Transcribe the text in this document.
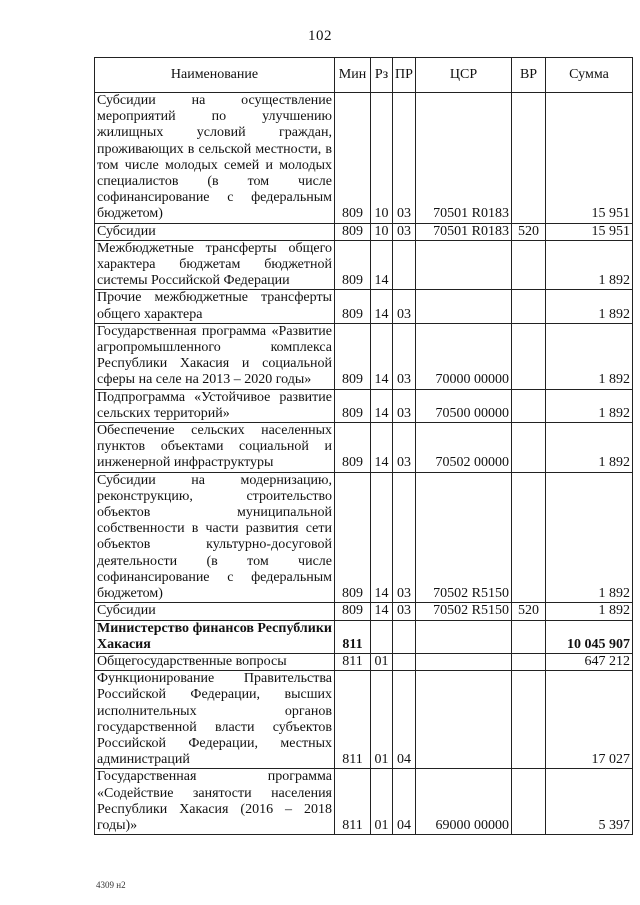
102
Наименование	Мин	Рз	ПР	ЦСР	ВР	Сумма
Субсидии на осуществление мероприятий по улучшению жилищных условий граждан, проживающих в сельской местности, в том числе молодых семей и молодых специалистов (в том числе софинансирование с федеральным бюджетом)	809	10	03	70501 R0183		15 951
Субсидии	809	10	03	70501 R0183	520	15 951
Межбюджетные трансферты общего характера бюджетам бюджетной системы Российской Федерации	809	14				1 892
Прочие межбюджетные трансферты общего характера	809	14	03			1 892
Государственная программа «Развитие агропромышленного комплекса Республики Хакасия и социальной сферы на селе на 2013 – 2020 годы»	809	14	03	70000 00000		1 892
Подпрограмма «Устойчивое развитие сельских территорий»	809	14	03	70500 00000		1 892
Обеспечение сельских населенных пунктов объектами социальной и инженерной инфраструктуры	809	14	03	70502 00000		1 892
Субсидии на модернизацию, реконструкцию, строительство объектов муниципальной собственности в части развития сети объектов культурно-досуговой деятельности (в том числе софинансирование с федеральным бюджетом)	809	14	03	70502 R5150		1 892
Субсидии	809	14	03	70502 R5150	520	1 892
Министерство финансов Республики Хакасия	811					10 045 907
Общегосударственные вопросы	811	01				647 212
Функционирование Правительства Российской Федерации, высших исполнительных органов государственной власти субъектов Российской Федерации, местных администраций	811	01	04			17 027
Государственная программа «Содействие занятости населения Республики Хакасия (2016 – 2018 годы)»	811	01	04	69000 00000		5 397
4309 н2
